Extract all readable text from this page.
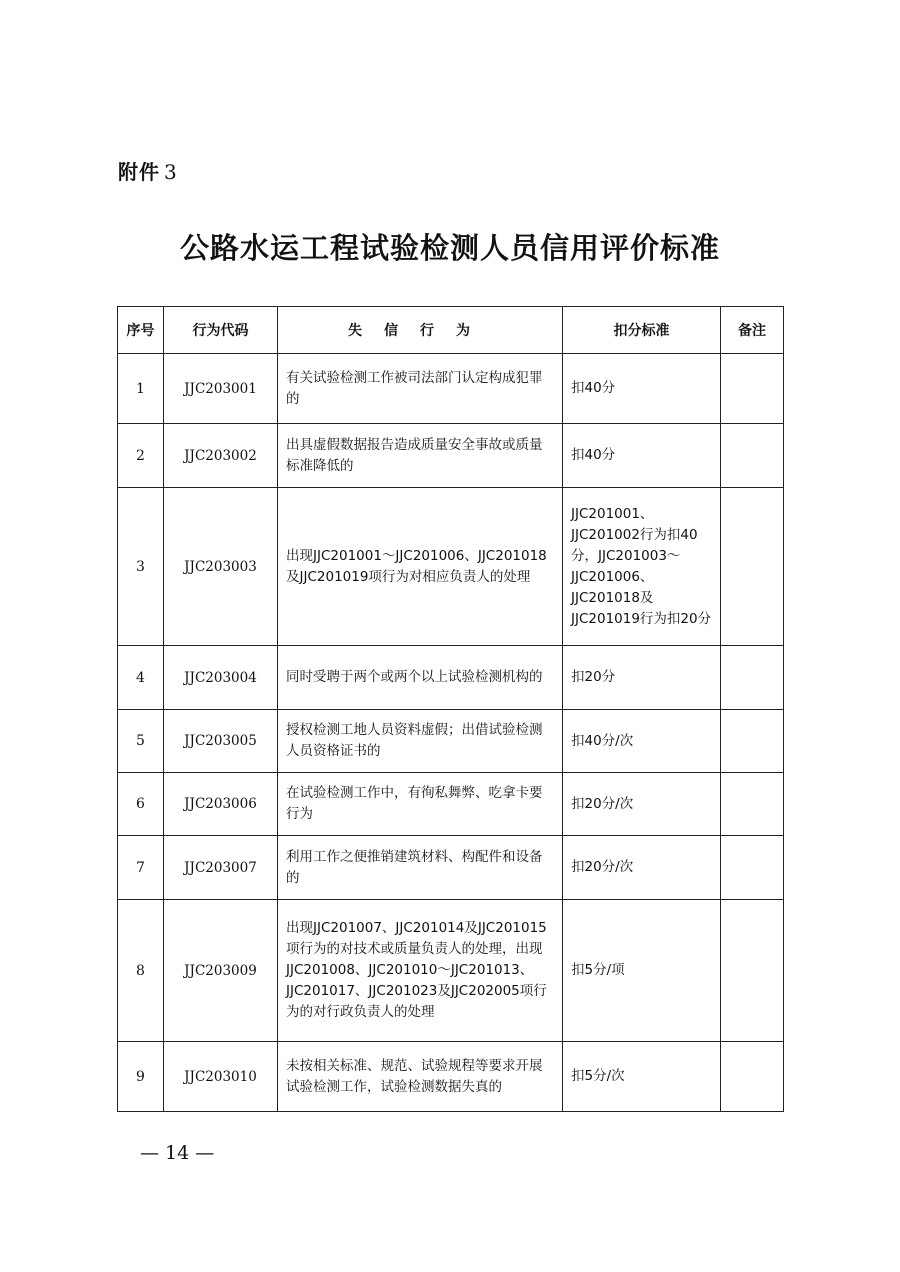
附件 3
公路水运工程试验检测人员信用评价标准
序号	行为代码	失信行为	扣分标准	备注
1	JJC203001	有关试验检测工作被司法部门认定构成犯罪的	扣40分	
2	JJC203002	出具虚假数据报告造成质量安全事故或质量标准降低的	扣40分	
3	JJC203003	出现JJC201001～JJC201006、JJC201018及JJC201019项行为对相应负责人的处理	JJC201001、JJC201002行为扣40分，JJC201003～JJC201006、JJC201018及JJC201019行为扣20分	
4	JJC203004	同时受聘于两个或两个以上试验检测机构的	扣20分	
5	JJC203005	授权检测工地人员资料虚假；出借试验检测人员资格证书的	扣40分/次	
6	JJC203006	在试验检测工作中，有徇私舞弊、吃拿卡要行为	扣20分/次	
7	JJC203007	利用工作之便推销建筑材料、构配件和设备的	扣20分/次	
8	JJC203009	出现JJC201007、JJC201014及JJC201015项行为的对技术或质量负责人的处理，出现JJC201008、JJC201010～JJC201013、JJC201017、JJC201023及JJC202005项行为的对行政负责人的处理	扣5分/项	
9	JJC203010	未按相关标准、规范、试验规程等要求开展试验检测工作，试验检测数据失真的	扣5分/次	
— 14 —
